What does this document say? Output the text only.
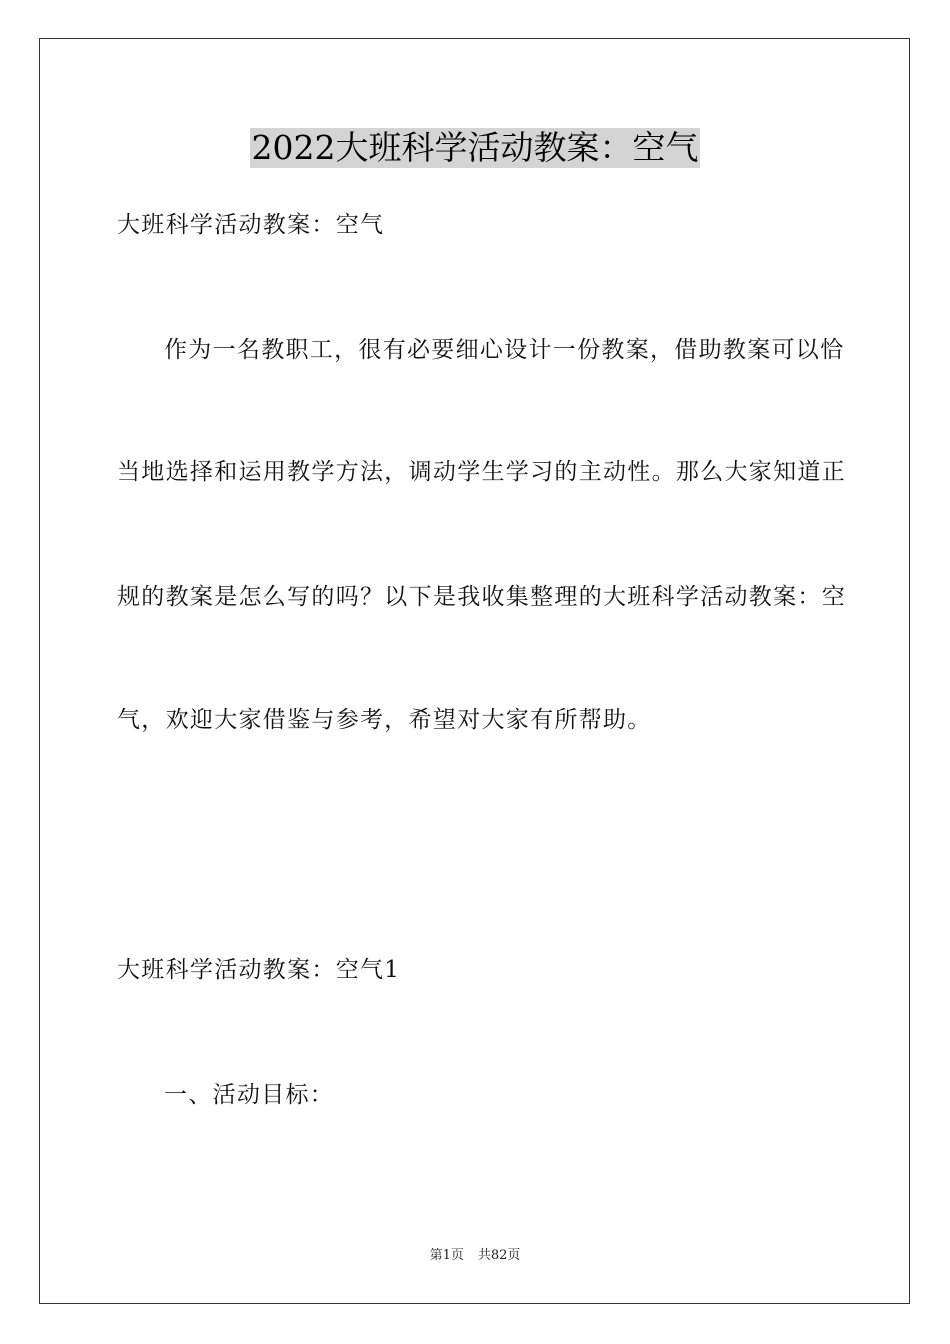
2022大班科学活动教案：空气
大班科学活动教案：空气
作为一名教职工，很有必要细心设计一份教案，借助教案可以恰
当地选择和运用教学方法，调动学生学习的主动性。那么大家知道正
规的教案是怎么写的吗？以下是我收集整理的大班科学活动教案：空
气，欢迎大家借鉴与参考，希望对大家有所帮助。
大班科学活动教案：空气1
一、活动目标：
第1页 共82页
